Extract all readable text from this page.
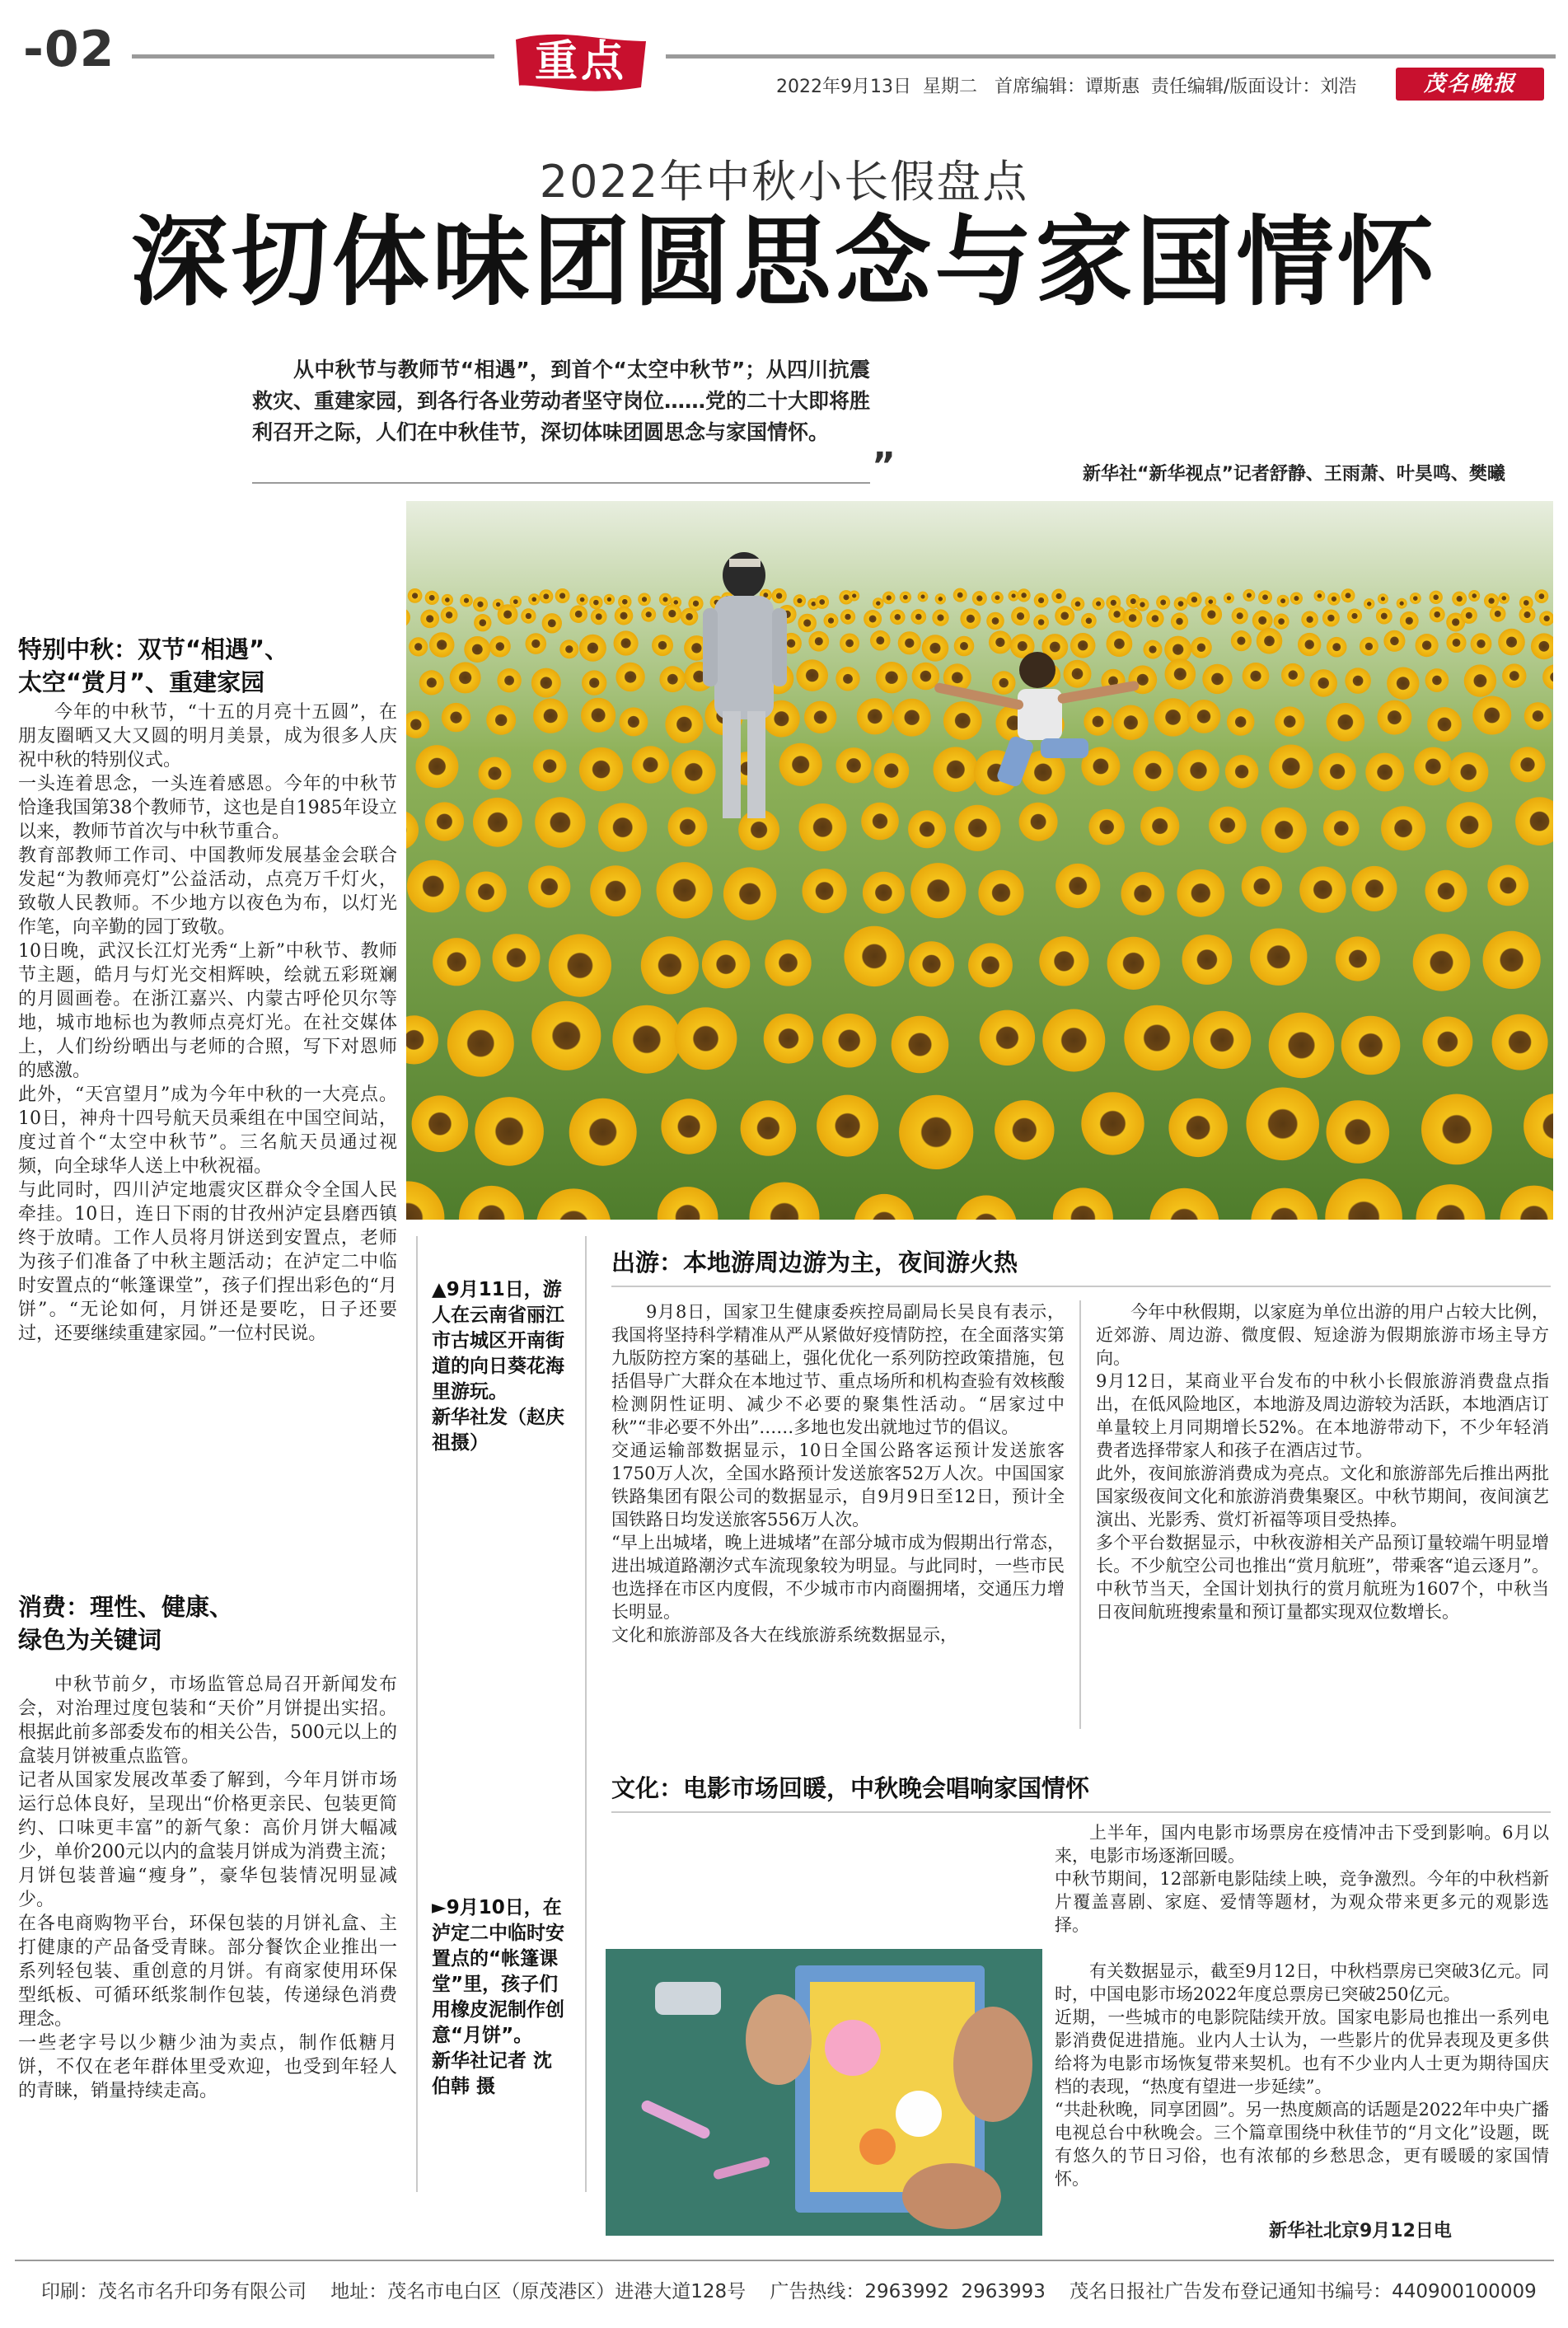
-02	重点
2022年9月13日  星期二   首席编辑：谭斯惠  责任编辑/版面设计：刘浩	茂名晚报
2022年中秋小长假盘点
深切体味团圆思念与家国情怀
从中秋节与教师节“相遇”，到首个“太空中秋节”；从四川抗震救灾、重建家园，到各行各业劳动者坚守岗位……党的二十大即将胜利召开之际，人们在中秋佳节，深切体味团圆思念与家国情怀。
”	新华社“新华视点”记者舒静、王雨萧、叶昊鸣、樊曦
特别中秋：双节“相遇”、
太空“赏月”、重建家园
今年的中秋节，“十五的月亮十五圆”，在朋友圈晒又大又圆的明月美景，成为很多人庆祝中秋的特别仪式。
一头连着思念，一头连着感恩。今年的中秋节恰逢我国第38个教师节，这也是自1985年设立以来，教师节首次与中秋节重合。
教育部教师工作司、中国教师发展基金会联合发起“为教师亮灯”公益活动，点亮万千灯火，致敬人民教师。不少地方以夜色为布，以灯光作笔，向辛勤的园丁致敬。
10日晚，武汉长江灯光秀“上新”中秋节、教师节主题，皓月与灯光交相辉映，绘就五彩斑斓的月圆画卷。在浙江嘉兴、内蒙古呼伦贝尔等地，城市地标也为教师点亮灯光。在社交媒体上，人们纷纷晒出与老师的合照，写下对恩师的感激。
此外，“天宫望月”成为今年中秋的一大亮点。10日，神舟十四号航天员乘组在中国空间站，度过首个“太空中秋节”。三名航天员通过视频，向全球华人送上中秋祝福。
与此同时，四川泸定地震灾区群众令全国人民牵挂。10日，连日下雨的甘孜州泸定县磨西镇终于放晴。工作人员将月饼送到安置点，老师为孩子们准备了中秋主题活动；在泸定二中临时安置点的“帐篷课堂”，孩子们捏出彩色的“月饼”。“无论如何，月饼还是要吃，日子还要过，还要继续重建家园。”一位村民说。
消费：理性、健康、
绿色为关键词
中秋节前夕，市场监管总局召开新闻发布会，对治理过度包装和“天价”月饼提出实招。根据此前多部委发布的相关公告，500元以上的盒装月饼被重点监管。
记者从国家发展改革委了解到，今年月饼市场运行总体良好，呈现出“价格更亲民、包装更简约、口味更丰富”的新气象：高价月饼大幅减少，单价200元以内的盒装月饼成为消费主流；月饼包装普遍“瘦身”，豪华包装情况明显减少。
在各电商购物平台，环保包装的月饼礼盒、主打健康的产品备受青睐。部分餐饮企业推出一系列轻包装、重创意的月饼。有商家使用环保型纸板、可循环纸浆制作包装，传递绿色消费理念。
一些老字号以少糖少油为卖点，制作低糖月饼，不仅在老年群体里受欢迎，也受到年轻人的青睐，销量持续走高。
▲9月11日，游人在云南省丽江市古城区开南街道的向日葵花海里游玩。
新华社发（赵庆祖摄）
►9月10日，在泸定二中临时安置点的“帐篷课堂”里，孩子们用橡皮泥制作创意“月饼”。
新华社记者 沈伯韩 摄
出游：本地游周边游为主，夜间游火热
9月8日，国家卫生健康委疾控局副局长吴良有表示，我国将坚持科学精准从严从紧做好疫情防控，在全面落实第九版防控方案的基础上，强化优化一系列防控政策措施，包括倡导广大群众在本地过节、重点场所和机构查验有效核酸检测阴性证明、减少不必要的聚集性活动。“居家过中秋”“非必要不外出”……多地也发出就地过节的倡议。
交通运输部数据显示，10日全国公路客运预计发送旅客1750万人次，全国水路预计发送旅客52万人次。中国国家铁路集团有限公司的数据显示，自9月9日至12日，预计全国铁路日均发送旅客556万人次。
“早上出城堵，晚上进城堵”在部分城市成为假期出行常态，进出城道路潮汐式车流现象较为明显。与此同时，一些市民也选择在市区内度假，不少城市市内商圈拥堵，交通压力增长明显。
文化和旅游部及各大在线旅游系统数据显示，
今年中秋假期，以家庭为单位出游的用户占较大比例，近郊游、周边游、微度假、短途游为假期旅游市场主导方向。
9月12日，某商业平台发布的中秋小长假旅游消费盘点指出，在低风险地区，本地游及周边游较为活跃，本地酒店订单量较上月同期增长52%。在本地游带动下，不少年轻消费者选择带家人和孩子在酒店过节。
此外，夜间旅游消费成为亮点。文化和旅游部先后推出两批国家级夜间文化和旅游消费集聚区。中秋节期间，夜间演艺演出、光影秀、赏灯祈福等项目受热捧。
多个平台数据显示，中秋夜游相关产品预订量较端午明显增长。不少航空公司也推出“赏月航班”，带乘客“追云逐月”。中秋节当天，全国计划执行的赏月航班为1607个，中秋当日夜间航班搜索量和预订量都实现双位数增长。
文化：电影市场回暖，中秋晚会唱响家国情怀
上半年，国内电影市场票房在疫情冲击下受到影响。6月以来，电影市场逐渐回暖。
中秋节期间，12部新电影陆续上映，竞争激烈。今年的中秋档新片覆盖喜剧、家庭、爱情等题材，为观众带来更多元的观影选择。
有关数据显示，截至9月12日，中秋档票房已突破3亿元。同时，中国电影市场2022年度总票房已突破250亿元。
近期，一些城市的电影院陆续开放。国家电影局也推出一系列电影消费促进措施。业内人士认为，一些影片的优异表现及更多供给将为电影市场恢复带来契机。也有不少业内人士更为期待国庆档的表现，“热度有望进一步延续”。
“共赴秋晚，同享团圆”。另一热度颇高的话题是2022年中央广播电视总台中秋晚会。三个篇章围绕中秋佳节的“月文化”设题，既有悠久的节日习俗，也有浓郁的乡愁思念，更有暖暖的家国情怀。
新华社北京9月12日电
印刷：茂名市名升印务有限公司    地址：茂名市电白区（原茂港区）进港大道128号    广告热线：2963992  2963993    茂名日报社广告发布登记通知书编号：440900100009
